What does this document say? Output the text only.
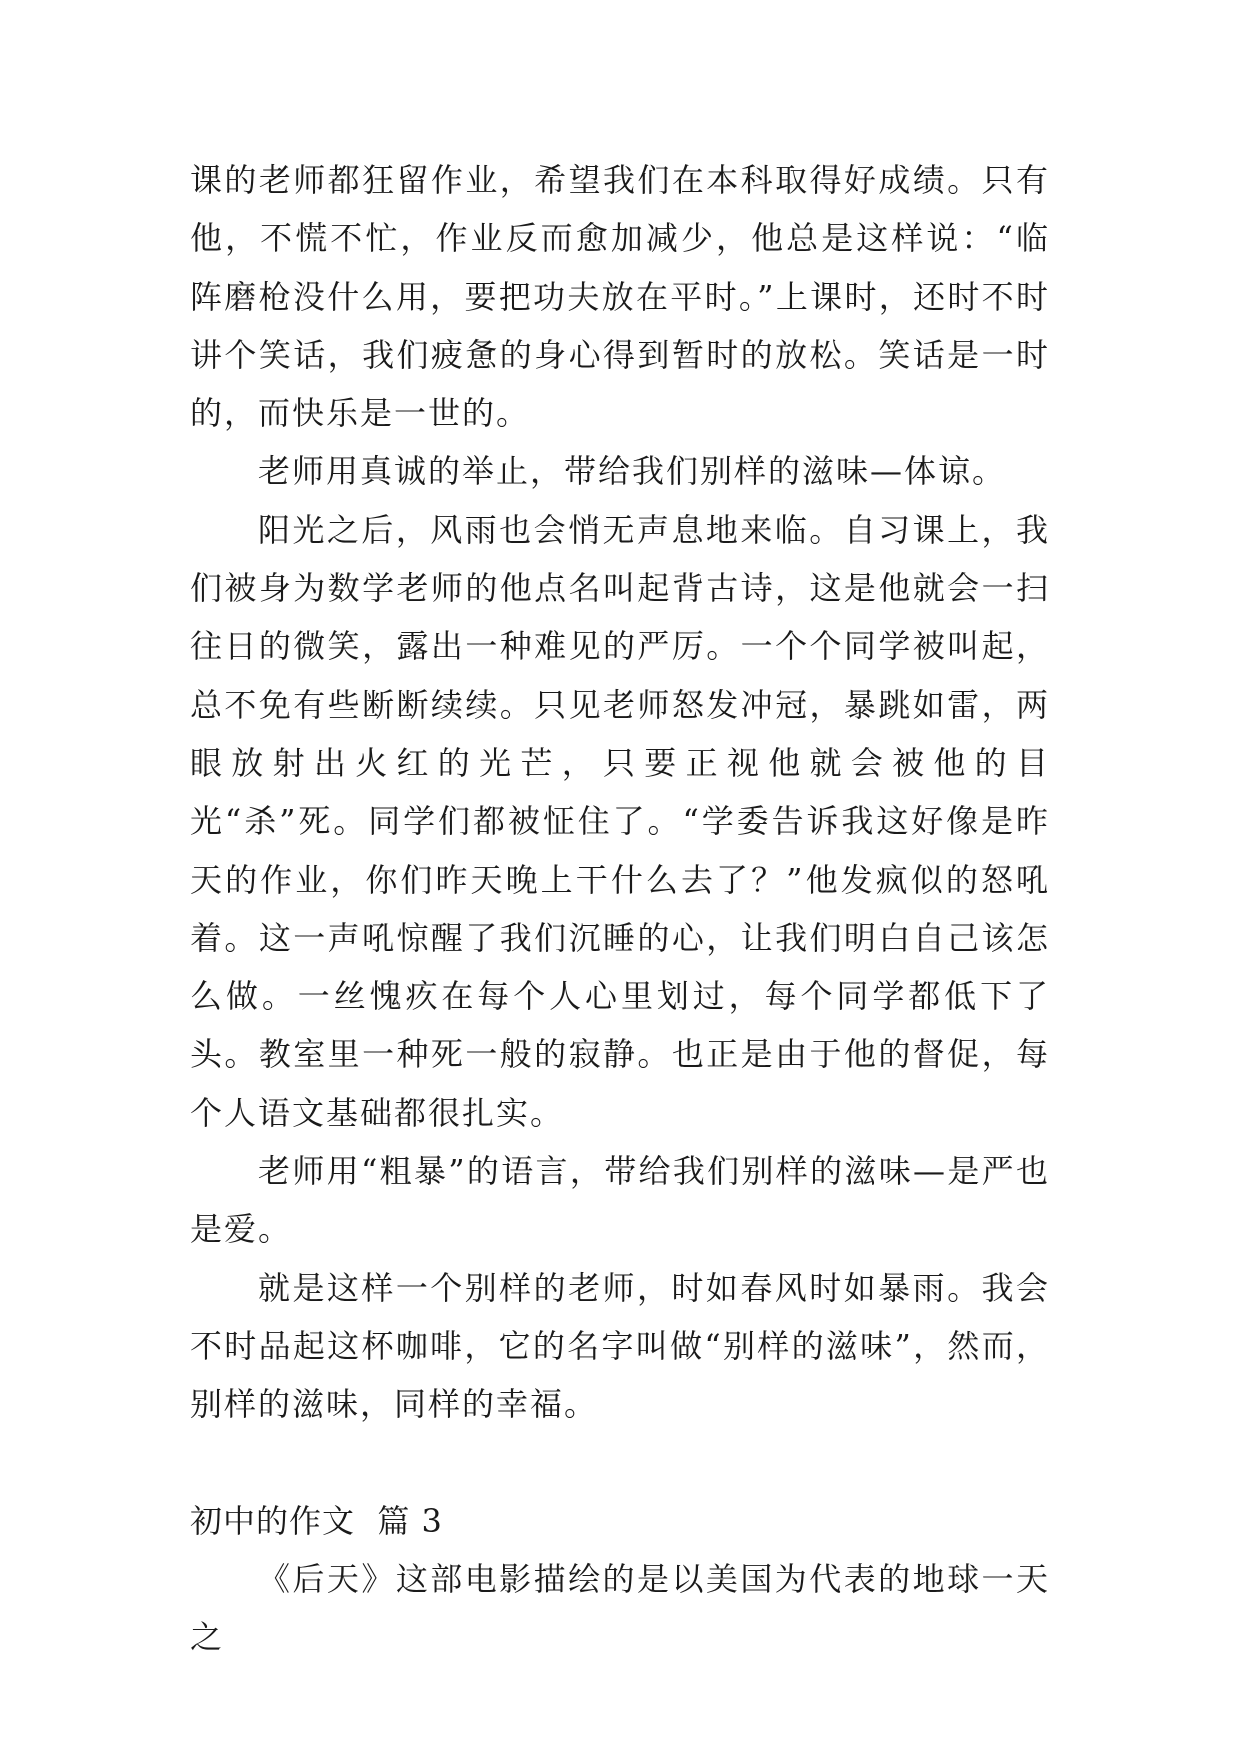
课的老师都狂留作业，希望我们在本科取得好成绩。只有他，不慌不忙，作业反而愈加减少，他总是这样说：“临阵磨枪没什么用，要把功夫放在平时。”上课时，还时不时讲个笑话，我们疲惫的身心得到暂时的放松。笑话是一时的，而快乐是一世的。

老师用真诚的举止，带给我们别样的滋味—体谅。

阳光之后，风雨也会悄无声息地来临。自习课上，我们被身为数学老师的他点名叫起背古诗，这是他就会一扫往日的微笑，露出一种难见的严厉。一个个同学被叫起，总不免有些断断续续。只见老师怒发冲冠，暴跳如雷，两眼放射出火红的光芒，只要正视他就会被他的目光“杀”死。同学们都被怔住了。“学委告诉我这好像是昨天的作业，你们昨天晚上干什么去了？”他发疯似的怒吼着。这一声吼惊醒了我们沉睡的心，让我们明白自己该怎么做。一丝愧疚在每个人心里划过，每个同学都低下了头。教室里一种死一般的寂静。也正是由于他的督促，每个人语文基础都很扎实。

老师用“粗暴”的语言，带给我们别样的滋味—是严也是爱。

就是这样一个别样的老师，时如春风时如暴雨。我会不时品起这杯咖啡，它的名字叫做“别样的滋味”，然而，别样的滋味，同样的幸福。

初中的作文  篇 3

《后天》这部电影描绘的是以美国为代表的地球一天之
